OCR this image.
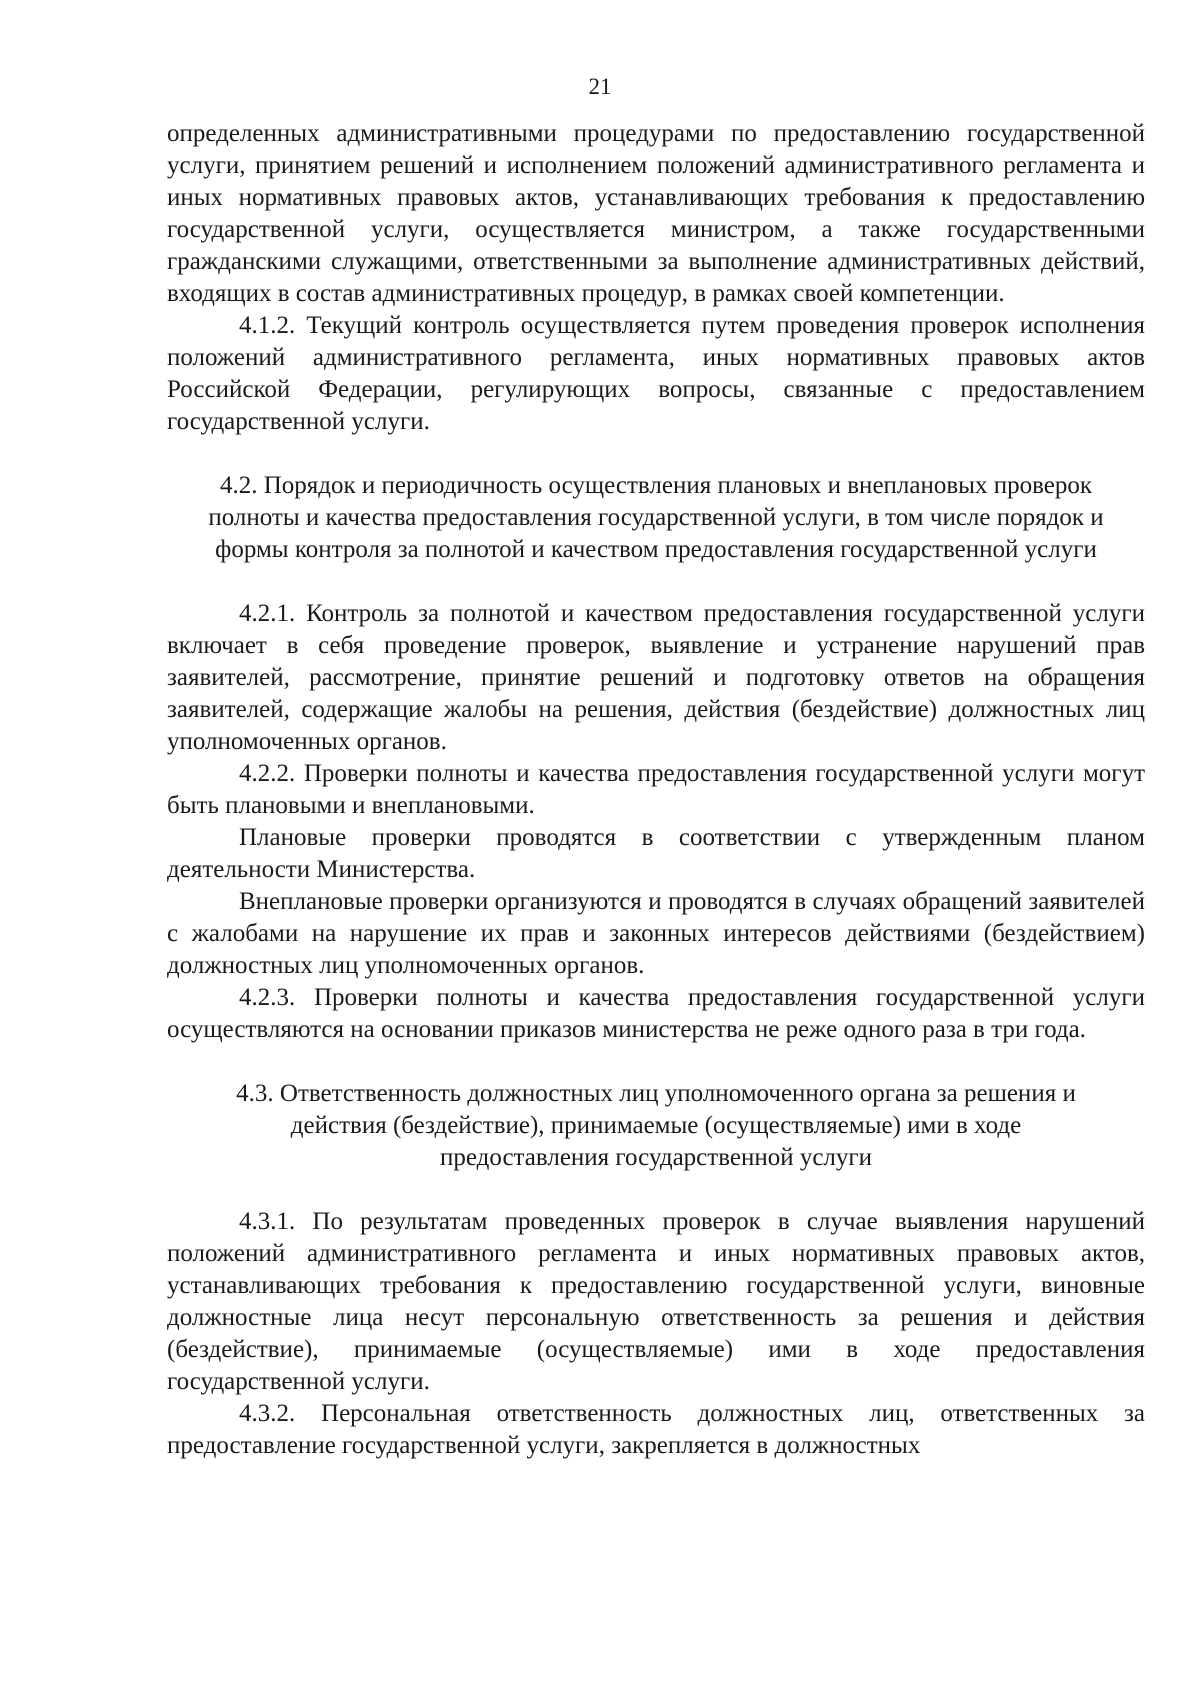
21

определенных административными процедурами по предоставлению государственной услуги, принятием решений и исполнением положений административного регламента и иных нормативных правовых актов, устанавливающих требования к предоставлению государственной услуги, осуществляется министром, а также государственными гражданскими служащими, ответственными за выполнение административных действий, входящих в состав административных процедур, в рамках своей компетенции.

4.1.2. Текущий контроль осуществляется путем проведения проверок исполнения положений административного регламента, иных нормативных правовых актов Российской Федерации, регулирующих вопросы, связанные с предоставлением государственной услуги.

4.2. Порядок и периодичность осуществления плановых и внеплановых проверок полноты и качества предоставления государственной услуги, в том числе порядок и формы контроля за полнотой и качеством предоставления государственной услуги

4.2.1. Контроль за полнотой и качеством предоставления государственной услуги включает в себя проведение проверок, выявление и устранение нарушений прав заявителей, рассмотрение, принятие решений и подготовку ответов на обращения заявителей, содержащие жалобы на решения, действия (бездействие) должностных лиц уполномоченных органов.

4.2.2. Проверки полноты и качества предоставления государственной услуги могут быть плановыми и внеплановыми.

Плановые проверки проводятся в соответствии с утвержденным планом деятельности Министерства.

Внеплановые проверки организуются и проводятся в случаях обращений заявителей с жалобами на нарушение их прав и законных интересов действиями (бездействием) должностных лиц уполномоченных органов.

4.2.3. Проверки полноты и качества предоставления государственной услуги осуществляются на основании приказов министерства не реже одного раза в три года.

4.3. Ответственность должностных лиц уполномоченного органа за решения и действия (бездействие), принимаемые (осуществляемые) ими в ходе предоставления государственной услуги

4.3.1. По результатам проведенных проверок в случае выявления нарушений положений административного регламента и иных нормативных правовых актов, устанавливающих требования к предоставлению государственной услуги, виновные должностные лица несут персональную ответственность за решения и действия (бездействие), принимаемые (осуществляемые) ими в ходе предоставления государственной услуги.

4.3.2. Персональная ответственность должностных лиц, ответственных за предоставление государственной услуги, закрепляется в должностных
